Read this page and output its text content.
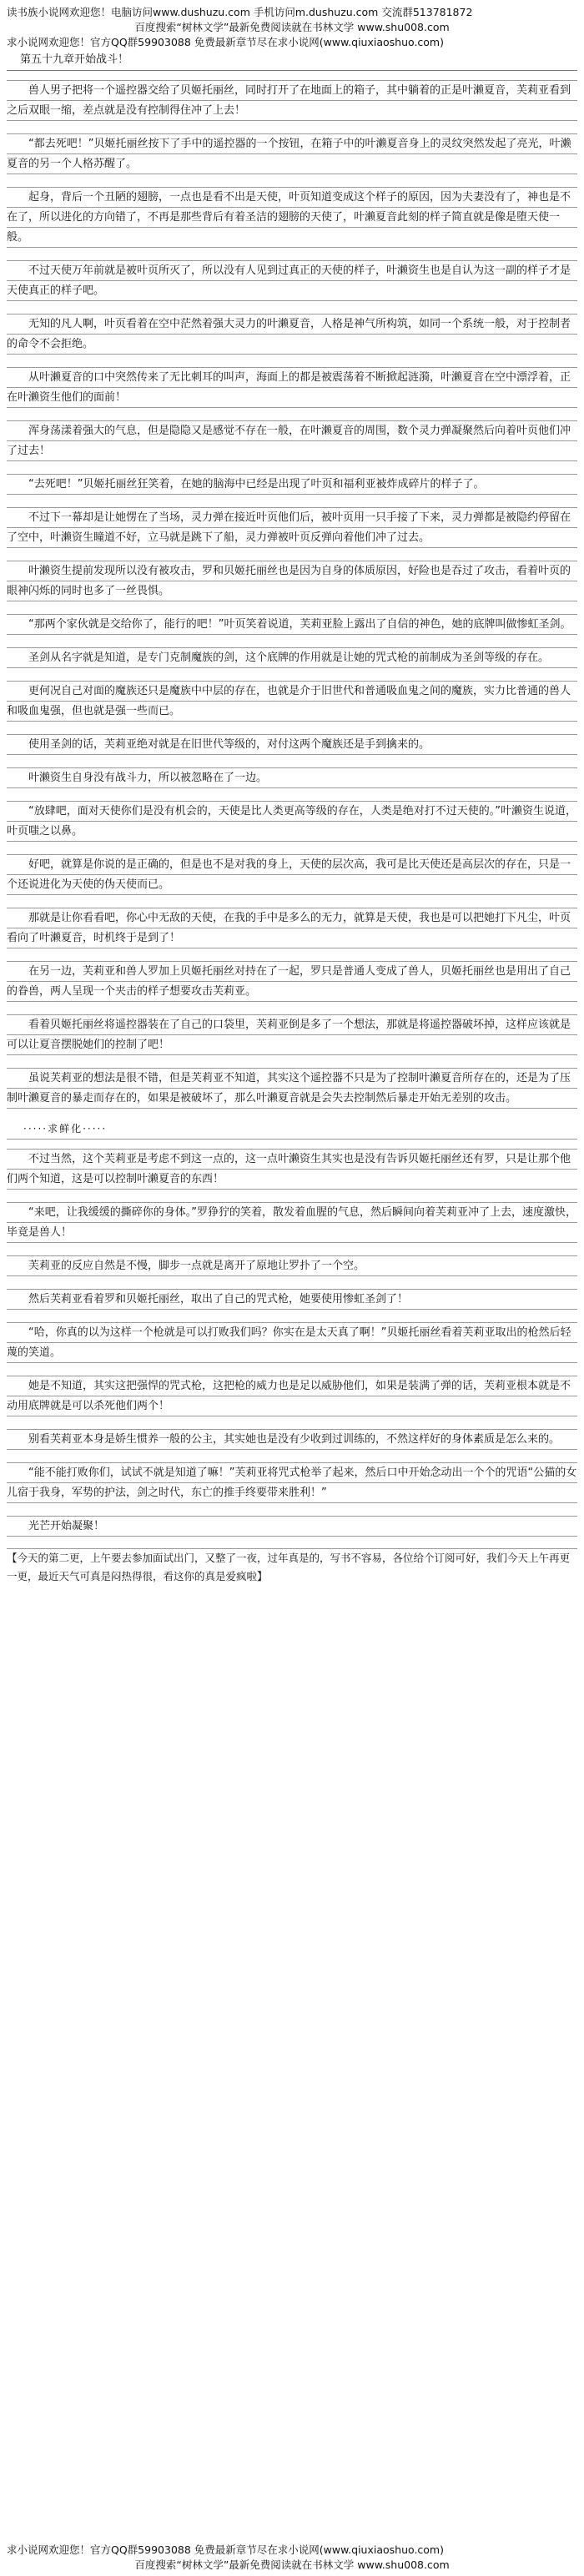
读书族小说网欢迎您！电脑访问www.dushuzu.com 手机访问m.dushuzu.com 交流群513781872
百度搜索“树林文学”最新免费阅读就在书林文学 www.shu008.com
求小说网欢迎您！官方QQ群59903088 免费最新章节尽在求小说网(www.qiuxiaoshuo.com)
第五十九章开始战斗！

兽人男子把将一个遥控器交给了贝姬托丽丝，同时打开了在地面上的箱子，其中躺着的正是叶濑夏音，芙莉亚看到之后双眼一缩，差点就是没有控制得住冲了上去！

“都去死吧！”贝姬托丽丝按下了手中的遥控器的一个按钮，在箱子中的叶濑夏音身上的灵纹突然发起了亮光，叶濑夏音的另一个人格苏醒了。

起身，背后一个丑陋的翅膀，一点也是看不出是天使，叶页知道变成这个样子的原因，因为夫妻没有了，神也是不在了，所以进化的方向错了，不再是那些背后有着圣洁的翅膀的天使了，叶濑夏音此刻的样子简直就是像是堕天使一般。

不过天使万年前就是被叶页所灭了，所以没有人见到过真正的天使的样子，叶濑资生也是自认为这一副的样子才是天使真正的样子吧。

无知的凡人啊，叶页看着在空中茫然着强大灵力的叶濑夏音，人格是神气所构筑，如同一个系统一般，对于控制者的命令不会拒绝。

从叶濑夏音的口中突然传来了无比刺耳的叫声，海面上的都是被震荡着不断掀起涟漪，叶濑夏音在空中漂浮着，正在叶濑资生他们的面前！

浑身荡漾着强大的气息，但是隐隐又是感觉不存在一般，在叶濑夏音的周围，数个灵力弹凝聚然后向着叶页他们冲了过去！

“去死吧！”贝姬托丽丝狂笑着，在她的脑海中已经是出现了叶页和福利亚被炸成碎片的样子了。

不过下一幕却是让她愣在了当场，灵力弹在接近叶页他们后，被叶页用一只手接了下来，灵力弹都是被隐约停留在了空中，叶濑资生瞳道不好，立马就是跳下了船，灵力弹被叶页反弹向着他们冲了过去。

叶濑资生提前发现所以没有被攻击，罗和贝姬托丽丝也是因为自身的体质原因，好险也是吞过了攻击，看着叶页的眼神闪烁的同时也多了一丝畏惧。

“那两个家伙就是交给你了，能行的吧！”叶页笑着说道，芙莉亚脸上露出了自信的神色，她的底牌叫做惨虹圣剑。

圣剑从名字就是知道，是专门克制魔族的剑，这个底牌的作用就是让她的咒式枪的前制成为圣剑等级的存在。

更何况自己对面的魔族还只是魔族中中层的存在，也就是介于旧世代和普通吸血鬼之间的魔族，实力比普通的兽人和吸血鬼强，但也就是强一些而已。

使用圣剑的话，芙莉亚绝对就是在旧世代等级的，对付这两个魔族还是手到擒来的。

叶濑资生自身没有战斗力，所以被忽略在了一边。

“放肆吧，面对天使你们是没有机会的，天使是比人类更高等级的存在，人类是绝对打不过天使的。”叶濑资生说道，叶页嗤之以鼻。

好吧，就算是你说的是正确的，但是也不是对我的身上，天使的层次高，我可是比天使还是高层次的存在，只是一个还说进化为天使的伪天使而已。

那就是让你看看吧，你心中无敌的天使，在我的手中是多么的无力，就算是天使，我也是可以把她打下凡尘，叶页看向了叶濑夏音，时机终于是到了！

在另一边，芙莉亚和兽人罗加上贝姬托丽丝对持在了一起，罗只是普通人变成了兽人，贝姬托丽丝也是用出了自己的眷兽，两人呈现一个夹击的样子想要攻击芙莉亚。

看着贝姬托丽丝将遥控器装在了自己的口袋里，芙莉亚倒是多了一个想法，那就是将遥控器破坏掉，这样应该就是可以让夏音摆脱她们的控制了吧！

虽说芙莉亚的想法是很不错，但是芙莉亚不知道，其实这个遥控器不只是为了控制叶濑夏音所存在的，还是为了压制叶濑夏音的暴走而存在的，如果是被破坏了，那么叶濑夏音就是会失去控制然后暴走开始无差别的攻击。

·····求鲜化·····

不过当然，这个芙莉亚是考虑不到这一点的，这一点叶濑资生其实也是没有告诉贝姬托丽丝还有罗，只是让那个他们两个知道，这是可以控制叶濑夏音的东西！

“来吧，让我缓缓的撕碎你的身体。”罗狰狞的笑着，散发着血腥的气息，然后瞬间向着芙莉亚冲了上去，速度激快，毕竟是兽人！

芙莉亚的反应自然是不慢，脚步一点就是离开了原地让罗扑了一个空。

然后芙莉亚看着罗和贝姬托丽丝，取出了自己的咒式枪，她要使用惨虹圣剑了！

“哈，你真的以为这样一个枪就是可以打败我们吗？你实在是太天真了啊！”贝姬托丽丝看着芙莉亚取出的枪然后轻蔑的笑道。

她是不知道，其实这把强悍的咒式枪，这把枪的威力也是足以威胁他们，如果是装满了弹的话，芙莉亚根本就是不动用底牌就是可以杀死他们两个！

别看芙莉亚本身是娇生惯养一般的公主，其实她也是没有少收到过训练的，不然这样好的身体素质是怎么来的。

“能不能打败你们，试试不就是知道了嘛！”芙莉亚将咒式枪举了起来，然后口中开始念动出一个个的咒语“公猫的女儿宿于我身，军势的护法，剑之时代，东亡的推手终要带来胜利！”

光芒开始凝聚！

【今天的第二更，上午要去参加面试出门，又整了一夜，过年真是的，写书不容易，各位给个订阅可好，我们今天上午再更一更，最近天气可真是闷热得很，看这你的真是爱疯啦】
求小说网欢迎您！官方QQ群59903088 免费最新章节尽在求小说网(www.qiuxiaoshuo.com)
百度搜索“树林文学”最新免费阅读就在书林文学 www.shu008.com
